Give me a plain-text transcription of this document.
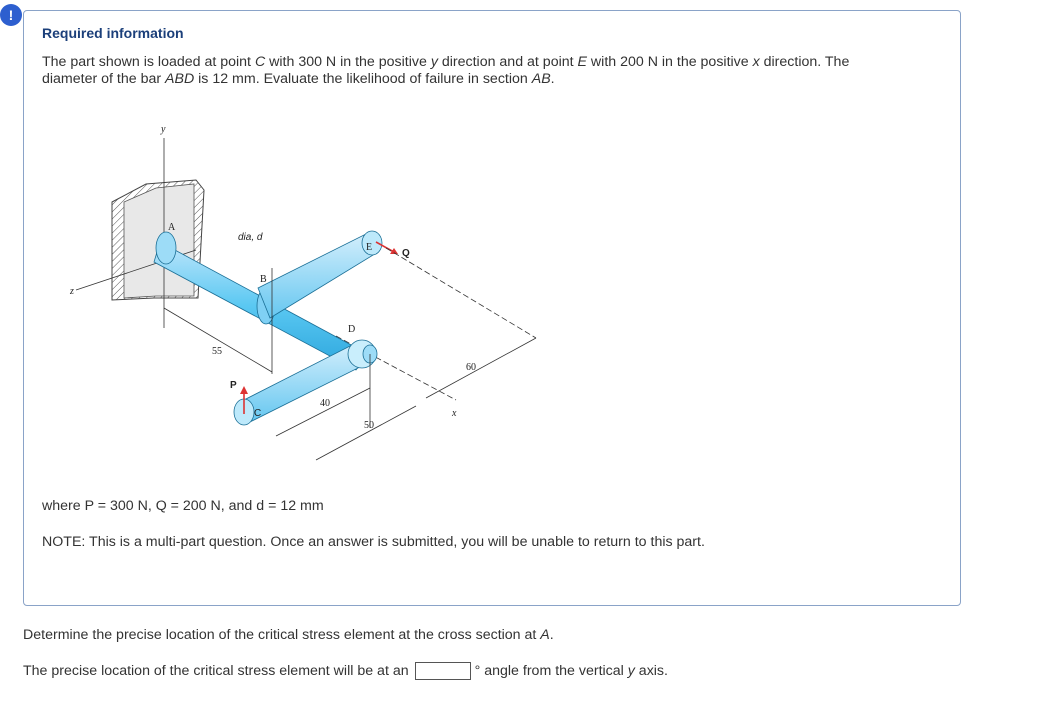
!
Required information
The part shown is loaded at point C with 300 N in the positive y direction and at point E with 200 N in the positive x direction. The diameter of the bar ABD is 12 mm. Evaluate the likelihood of failure in section AB.
y
z
x
A
B
D
E
55
40
50
60
dia, d
P
C
Q
where P = 300 N, Q = 200 N, and d = 12 mm
NOTE: This is a multi-part question. Once an answer is submitted, you will be unable to return to this part.
Determine the precise location of the critical stress element at the cross section at A.
The precise location of the critical stress element will be at an	° angle from the vertical y axis.
